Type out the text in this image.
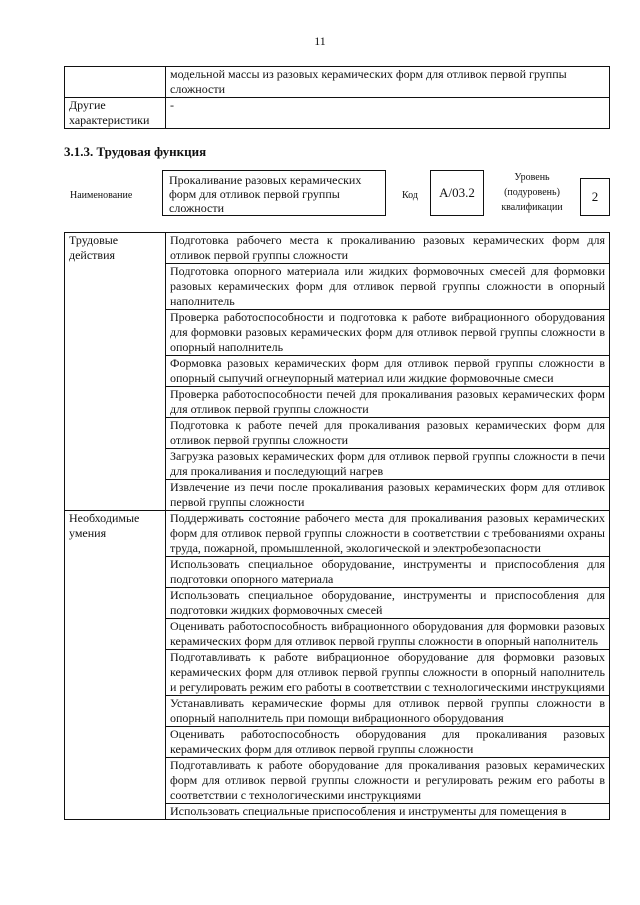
11
	модельной массы из разовых керамических форм для отливок первой группы сложности
Другие характеристики	-
3.1.3. Трудовая функция
Наименование
Прокаливание разовых керамических форм для отливок первой группы сложности
Код	А/03.2
Уровень (подуровень) квалификации
2
Трудовые действия	Подготовка рабочего места к прокаливанию разовых керамических форм для отливок первой группы сложности
	Подготовка опорного материала или жидких формовочных смесей для формовки разовых керамических форм для отливок первой группы сложности в опорный наполнитель
	Проверка работоспособности и подготовка к работе вибрационного оборудования для формовки разовых керамических форм для отливок первой группы сложности в опорный наполнитель
	Формовка разовых керамических форм для отливок первой группы сложности в опорный сыпучий огнеупорный материал или жидкие формовочные смеси
	Проверка работоспособности печей для прокаливания разовых керамических форм для отливок первой группы сложности
	Подготовка к работе печей для прокаливания разовых керамических форм для отливок первой группы сложности
	Загрузка разовых керамических форм для отливок первой группы сложности в печи для прокаливания и последующий нагрев
	Извлечение из печи после прокаливания разовых керамических форм для отливок первой группы сложности
Необходимые умения	Поддерживать состояние рабочего места для прокаливания разовых керамических форм для отливок первой группы сложности в соответствии с требованиями охраны труда, пожарной, промышленной, экологической и электробезопасности
	Использовать специальное оборудование, инструменты и приспособления для подготовки опорного материала
	Использовать специальное оборудование, инструменты и приспособления для подготовки жидких формовочных смесей
	Оценивать работоспособность вибрационного оборудования для формовки разовых керамических форм для отливок первой группы сложности в опорный наполнитель
	Подготавливать к работе вибрационное оборудование для формовки разовых керамических форм для отливок первой группы сложности в опорный наполнитель и регулировать режим его работы в соответствии с технологическими инструкциями
	Устанавливать керамические формы для отливок первой группы сложности в опорный наполнитель при помощи вибрационного оборудования
	Оценивать работоспособность оборудования для прокаливания разовых керамических форм для отливок первой группы сложности
	Подготавливать к работе оборудование для прокаливания разовых керамических форм для отливок первой группы сложности и регулировать режим его работы в соответствии с технологическими инструкциями
	Использовать специальные приспособления и инструменты для помещения в
